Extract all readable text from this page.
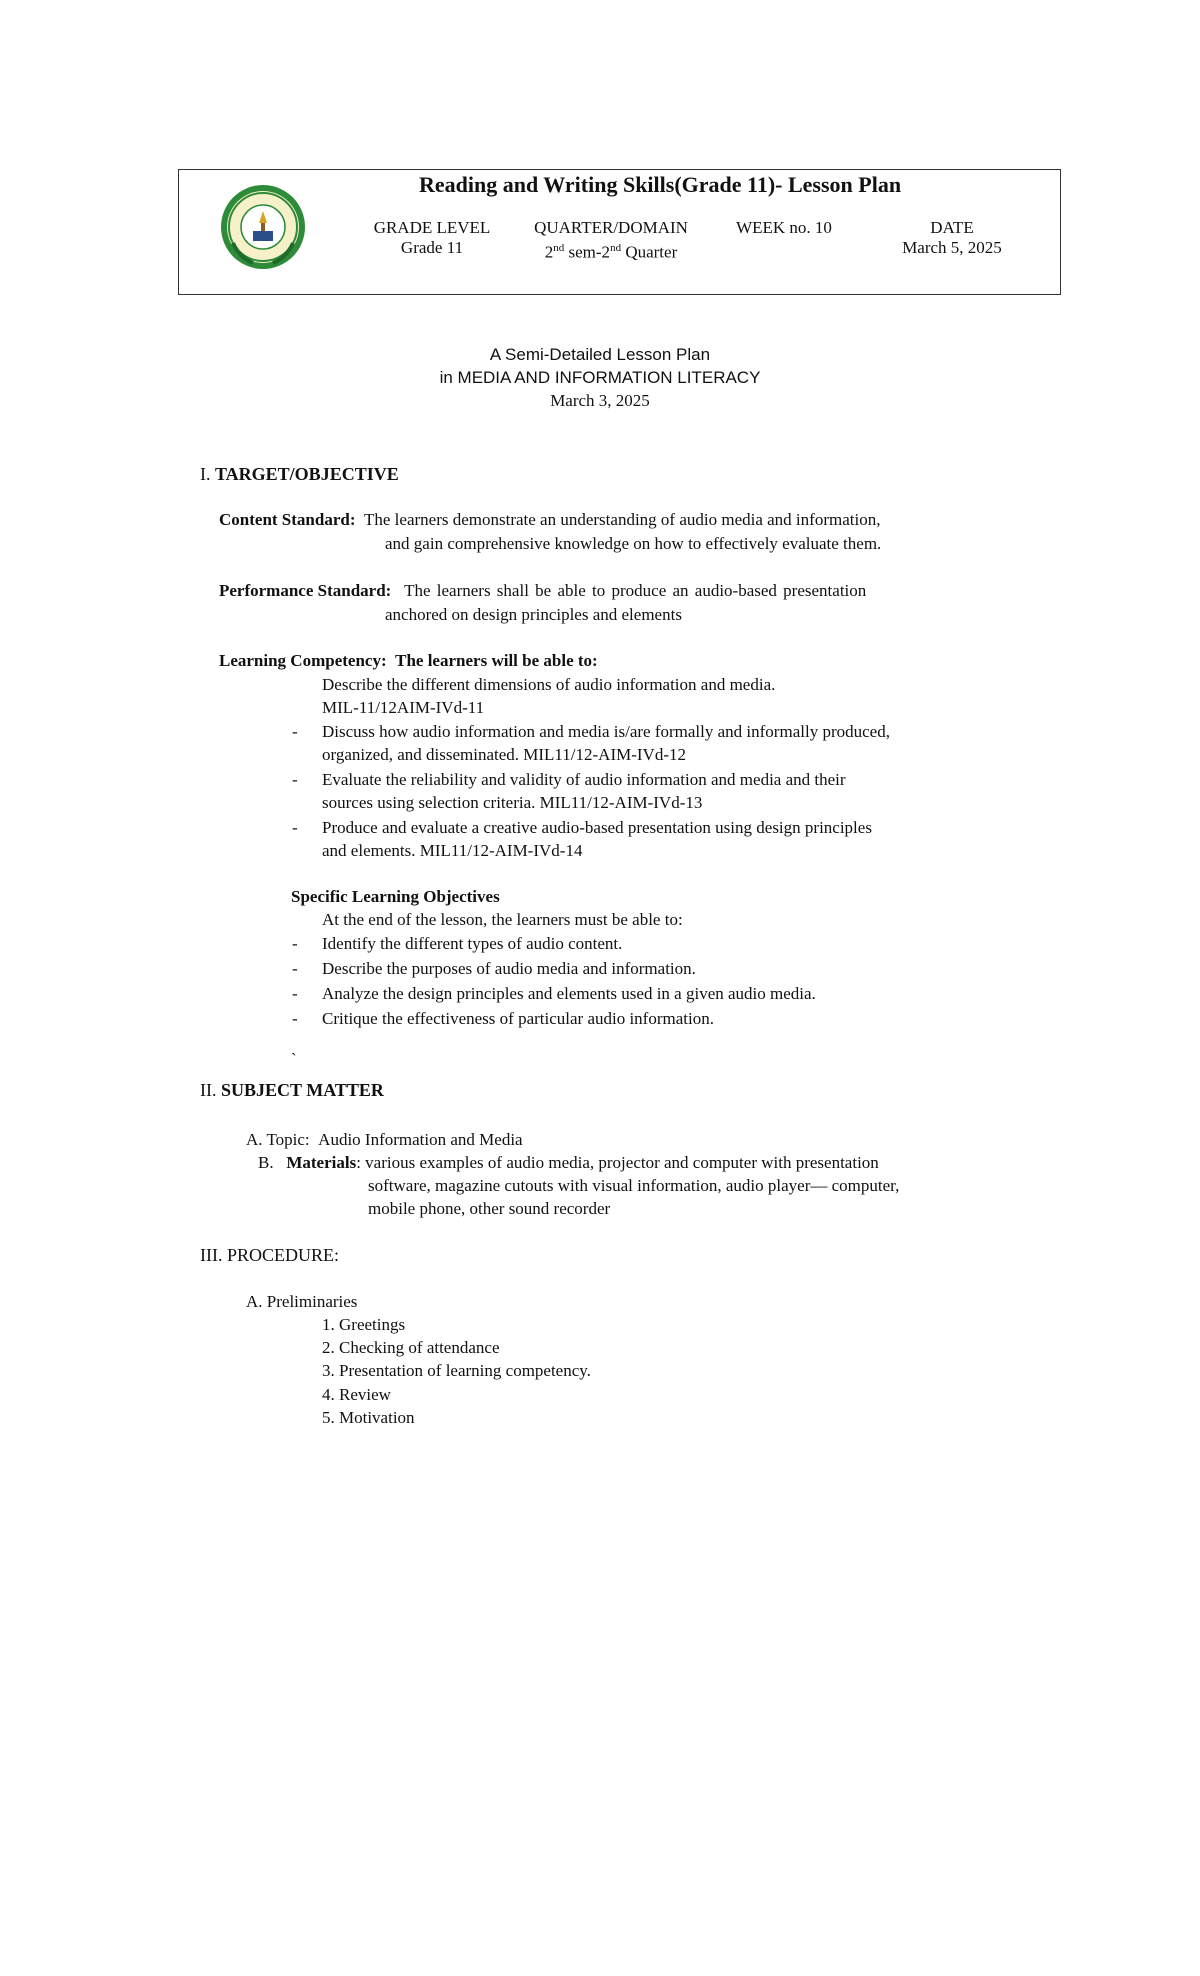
Reading and Writing Skills(Grade 11)- Lesson Plan
GRADE LEVEL
Grade 11
QUARTER/DOMAIN
2nd sem-2nd Quarter
WEEK no. 10	DATE
March 5, 2025
A Semi-Detailed Lesson Plan
in MEDIA AND INFORMATION LITERACY
March 3, 2025
I. TARGET/OBJECTIVE
Content Standard: The learners demonstrate an understanding of audio media and information,
and gain comprehensive knowledge on how to effectively evaluate them.
Performance Standard: The learners shall be able to produce an audio-based presentation
anchored on design principles and elements
Learning Competency: The learners will be able to:
Describe the different dimensions of audio information and media.
MIL-11/12AIM-IVd-11
- Discuss how audio information and media is/are formally and informally produced,
organized, and disseminated. MIL11/12-AIM-IVd-12
- Evaluate the reliability and validity of audio information and media and their
sources using selection criteria. MIL11/12-AIM-IVd-13
- Produce and evaluate a creative audio-based presentation using design principles
and elements. MIL11/12-AIM-IVd-14
Specific Learning Objectives
At the end of the lesson, the learners must be able to:
- Identify the different types of audio content.
- Describe the purposes of audio media and information.
- Analyze the design principles and elements used in a given audio media.
- Critique the effectiveness of particular audio information.
`
II. SUBJECT MATTER
A. Topic: Audio Information and Media
B. Materials: various examples of audio media, projector and computer with presentation
software, magazine cutouts with visual information, audio player— computer,
mobile phone, other sound recorder
III. PROCEDURE:
A. Preliminaries
1. Greetings
2. Checking of attendance
3. Presentation of learning competency.
4. Review
5. Motivation
